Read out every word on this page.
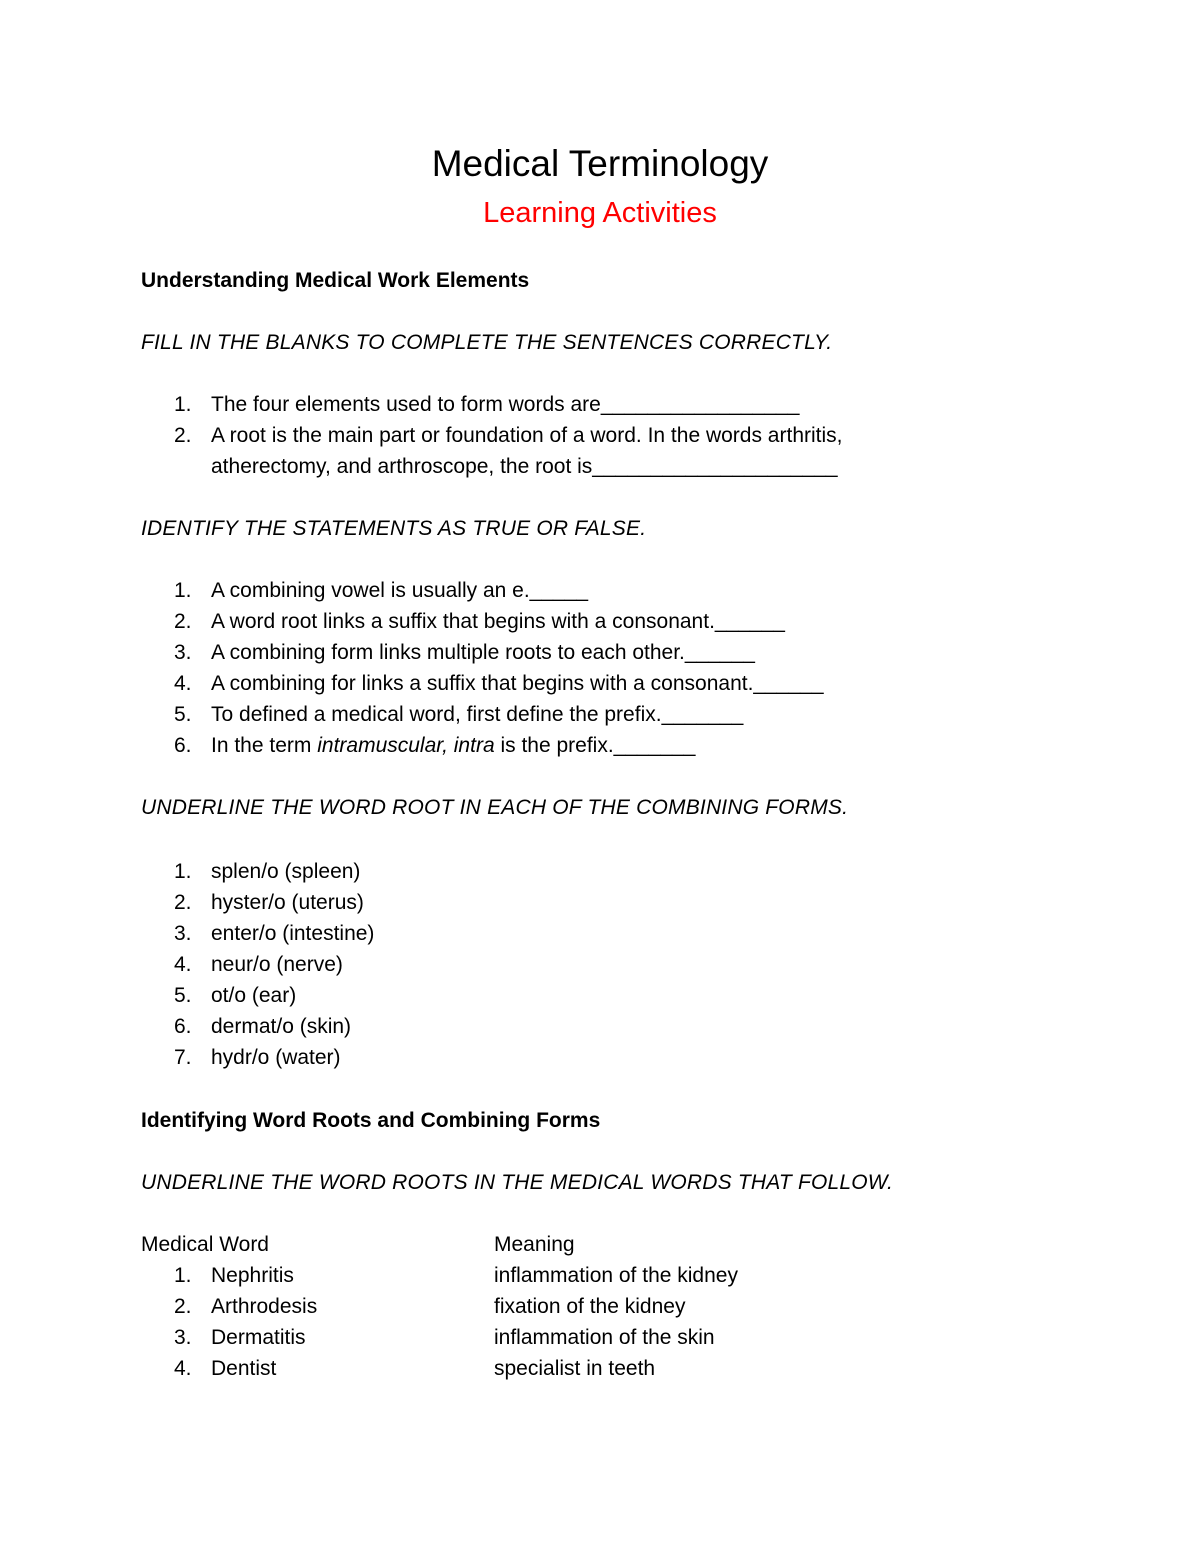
Medical Terminology
Learning Activities
Understanding Medical Work Elements
FILL IN THE BLANKS TO COMPLETE THE SENTENCES CORRECTLY.
1. The four elements used to form words are_________________
2. A root is the main part or foundation of a word. In the words arthritis,
atherectomy, and arthroscope, the root is_____________________
IDENTIFY THE STATEMENTS AS TRUE OR FALSE.
1. A combining vowel is usually an e._____
2. A word root links a suffix that begins with a consonant.______
3. A combining form links multiple roots to each other.______
4. A combining for links a suffix that begins with a consonant.______
5. To defined a medical word, first define the prefix._______
6. In the term intramuscular, intra is the prefix._______
UNDERLINE THE WORD ROOT IN EACH OF THE COMBINING FORMS.
1. splen/o (spleen)
2. hyster/o (uterus)
3. enter/o (intestine)
4. neur/o (nerve)
5. ot/o (ear)
6. dermat/o (skin)
7. hydr/o (water)
Identifying Word Roots and Combining Forms
UNDERLINE THE WORD ROOTS IN THE MEDICAL WORDS THAT FOLLOW.
Medical Word	Meaning
1. Nephritis	inflammation of the kidney
2. Arthrodesis	fixation of the kidney
3. Dermatitis	inflammation of the skin
4. Dentist	specialist in teeth
